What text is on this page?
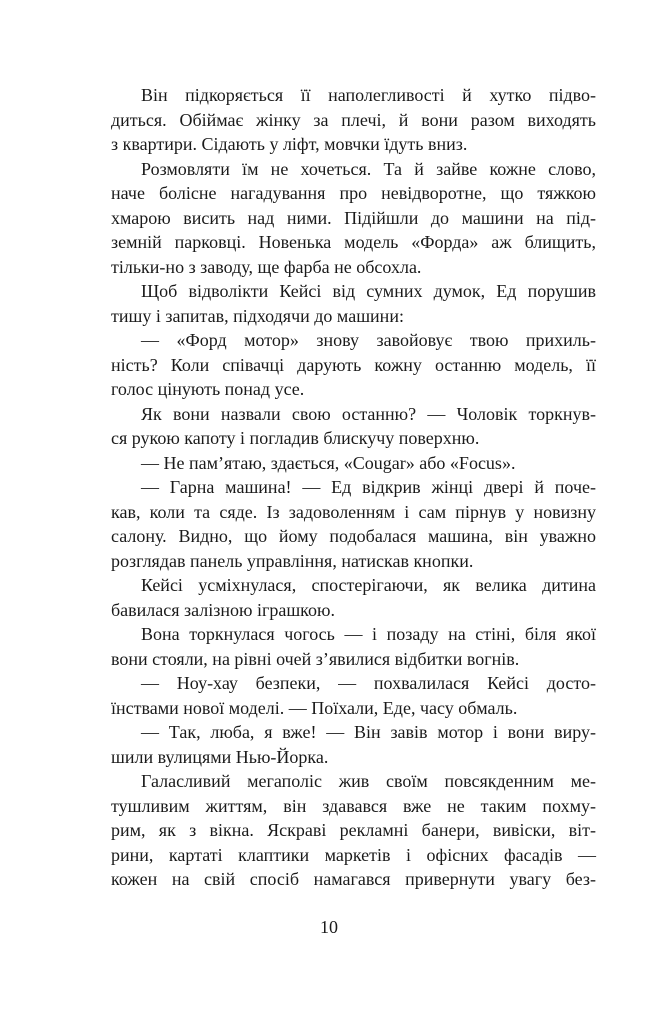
Він підкоряється її наполегливості й хутко підво-
диться. Обіймає жінку за плечі, й вони разом виходять
з квартири. Сідають у ліфт, мовчки їдуть вниз.
Розмовляти їм не хочеться. Та й зайве кожне слово,
наче болісне нагадування про невідворотне, що тяжкою
хмарою висить над ними. Підійшли до машини на під-
земній парковці. Новенька модель «Форда» аж блищить,
тільки-но з заводу, ще фарба не обсохла.
Щоб відволікти Кейсі від сумних думок, Ед порушив
тишу і запитав, підходячи до машини:
— «Форд мотор» знову завойовує твою прихиль-
ність? Коли співачці дарують кожну останню модель, її
голос цінують понад усе.
Як вони назвали свою останню? — Чоловік торкнув-
ся рукою капоту і погладив блискучу поверхню.
— Не пам’ятаю, здається, «Cougar» або «Focus».
— Гарна машина! — Ед відкрив жінці двері й поче-
кав, коли та сяде. Із задоволенням і сам пірнув у новизну
салону. Видно, що йому подобалася машина, він уважно
розглядав панель управління, натискав кнопки.
Кейсі усміхнулася, спостерігаючи, як велика дитина
бавилася залізною іграшкою.
Вона торкнулася чогось — і позаду на стіні, біля якої
вони стояли, на рівні очей з’явилися відбитки вогнів.
— Ноу-хау безпеки, — похвалилася Кейсі досто-
їнствами нової моделі. — Поїхали, Еде, часу обмаль.
— Так, люба, я вже! — Він завів мотор і вони виру-
шили вулицями Нью-Йорка.
Галасливий мегаполіс жив своїм повсякденним ме-
тушливим життям, він здавався вже не таким похму-
рим, як з вікна. Яскраві рекламні банери, вивіски, віт-
рини, картаті клаптики маркетів і офісних фасадів —
кожен на свій спосіб намагався привернути увагу без-
10
